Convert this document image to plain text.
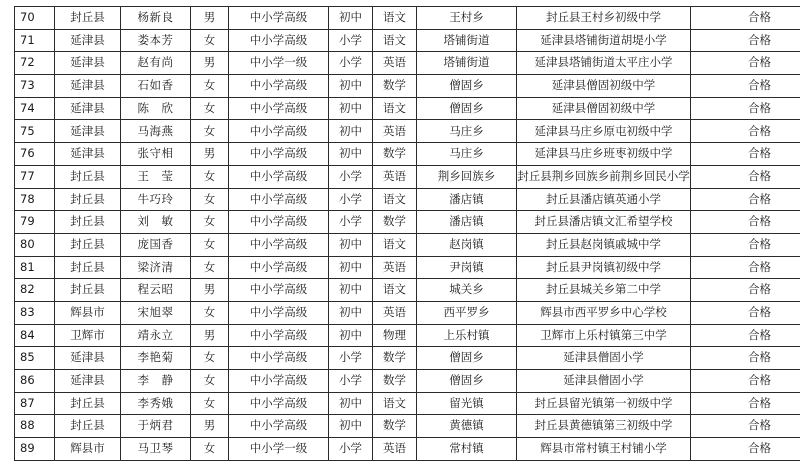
70	封丘县	杨新良	男	中小学高级	初中	语文	王村乡	封丘县王村乡初级中学	合格
71	延津县	娄本芳	女	中小学高级	小学	语文	塔铺街道	延津县塔铺街道胡堤小学	合格
72	延津县	赵有尚	男	中小学一级	小学	英语	塔铺街道	延津县塔铺街道太平庄小学	合格
73	延津县	石如香	女	中小学高级	初中	数学	僧固乡	延津县僧固初级中学	合格
74	延津县	陈　欣	女	中小学高级	初中	语文	僧固乡	延津县僧固初级中学	合格
75	延津县	马海燕	女	中小学高级	初中	英语	马庄乡	延津县马庄乡原屯初级中学	合格
76	延津县	张守相	男	中小学高级	初中	数学	马庄乡	延津县马庄乡班枣初级中学	合格
77	封丘县	王　莹	女	中小学高级	小学	英语	荆乡回族乡	封丘县荆乡回族乡前荆乡回民小学	合格
78	封丘县	牛巧玲	女	中小学高级	小学	语文	潘店镇	封丘县潘店镇英通小学	合格
79	封丘县	刘　敏	女	中小学高级	小学	数学	潘店镇	封丘县潘店镇文汇希望学校	合格
80	封丘县	庞国香	女	中小学高级	初中	语文	赵岗镇	封丘县赵岗镇戚城中学	合格
81	封丘县	梁济清	女	中小学高级	初中	英语	尹岗镇	封丘县尹岗镇初级中学	合格
82	封丘县	程云昭	男	中小学高级	初中	语文	城关乡	封丘县城关乡第二中学	合格
83	辉县市	宋旭翠	女	中小学高级	初中	英语	西平罗乡	辉县市西平罗乡中心学校	合格
84	卫辉市	靖永立	男	中小学高级	初中	物理	上乐村镇	卫辉市上乐村镇第三中学	合格
85	延津县	李艳菊	女	中小学高级	小学	数学	僧固乡	延津县僧固小学	合格
86	延津县	李　静	女	中小学高级	小学	数学	僧固乡	延津县僧固小学	合格
87	封丘县	李秀娥	女	中小学高级	初中	语文	留光镇	封丘县留光镇第一初级中学	合格
88	封丘县	于炳君	男	中小学高级	初中	数学	黄德镇	封丘县黄德镇第三初级中学	合格
89	辉县市	马卫琴	女	中小学一级	小学	英语	常村镇	辉县市常村镇王村铺小学	合格
